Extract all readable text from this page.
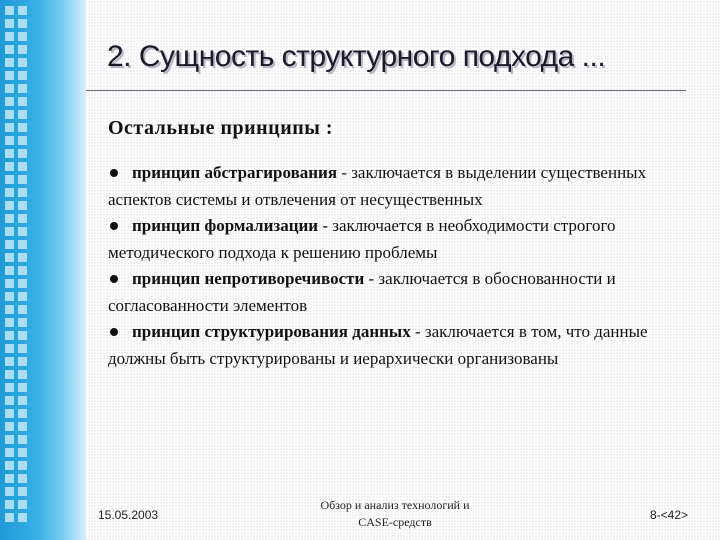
2. Сущность структурного подхода ...
Остальные принципы :

принцип абстрагирования - заключается в выделении существенных аспектов системы и отвлечения от несущественных

принцип формализации - заключается в необходимости строгого методического подхода к решению проблемы

принцип непротиворечивости - заключается в обоснованности и согласованности элементов

принцип структурирования данных - заключается в том, что данные должны быть структурированы и иерархически организованы

15.05.2003
Обзор и анализ технологий и
CASE-средств	8-<42>
